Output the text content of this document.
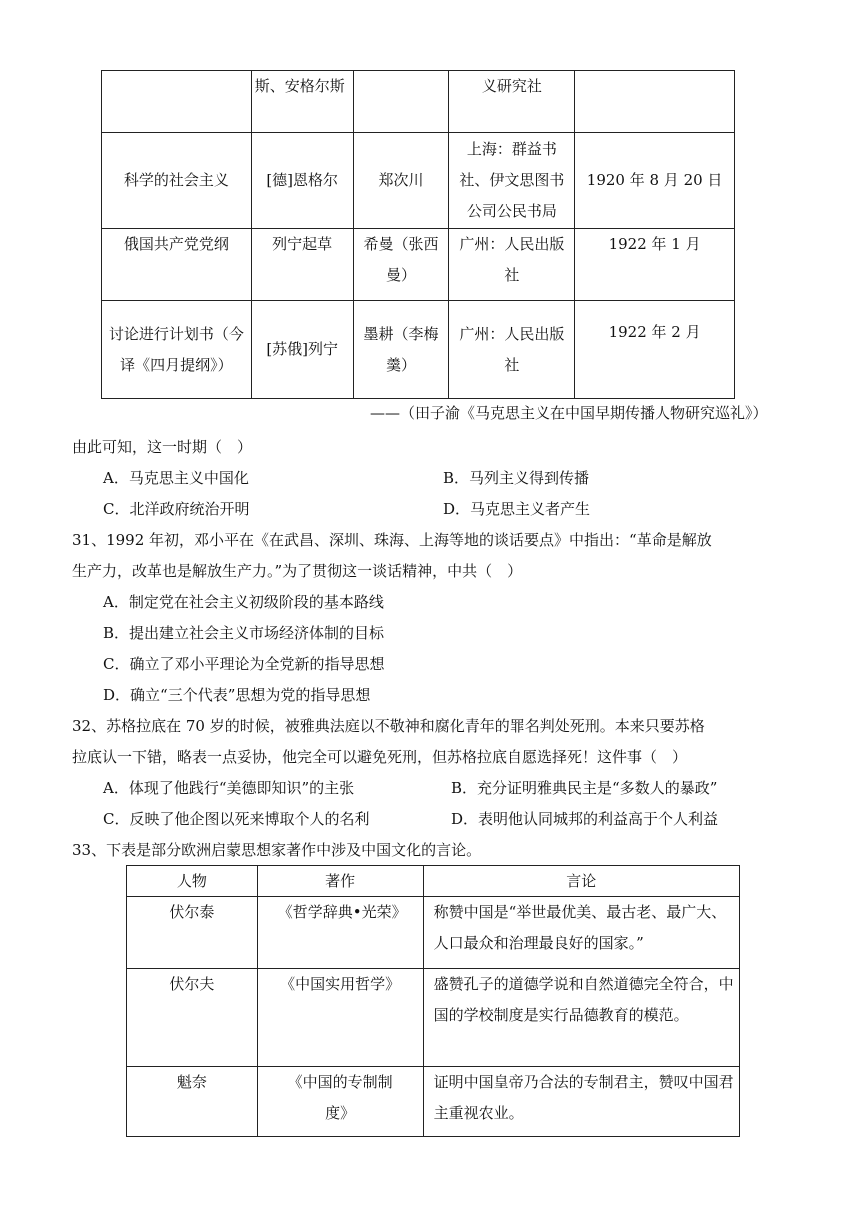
	斯、安格尔斯		义研究社	
科学的社会主义	[德]恩格尔	郑次川	上海：群益书社、伊文思图书公司公民书局	1920 年 8 月 20 日
俄国共产党党纲	列宁起草	希曼（张西曼）	广州：人民出版社	1922 年 1 月
讨论进行计划书（今译《四月提纲》）	[苏俄]列宁	墨耕（李梅羹）	广州：人民出版社	1922 年 2 月
——（田子渝《马克思主义在中国早期传播人物研究巡礼》）
由此可知，这一时期（　）
A．马克思主义中国化	B．马列主义得到传播
C．北洋政府统治开明	D．马克思主义者产生
31、1992 年初，邓小平在《在武昌、深圳、珠海、上海等地的谈话要点》中指出：“革命是解放
生产力，改革也是解放生产力。”为了贯彻这一谈话精神，中共（　）
A．制定党在社会主义初级阶段的基本路线
B．提出建立社会主义市场经济体制的目标
C．确立了邓小平理论为全党新的指导思想
D．确立“三个代表”思想为党的指导思想
32、苏格拉底在 70 岁的时候，被雅典法庭以不敬神和腐化青年的罪名判处死刑。本来只要苏格
拉底认一下错，略表一点妥协，他完全可以避免死刑，但苏格拉底自愿选择死！这件事（　）
A．体现了他践行“美德即知识”的主张	B．充分证明雅典民主是“多数人的暴政”
C．反映了他企图以死来博取个人的名利	D．表明他认同城邦的利益高于个人利益
33、下表是部分欧洲启蒙思想家著作中涉及中国文化的言论。
人物	著作	言论
伏尔泰	《哲学辞典•光荣》	称赞中国是“举世最优美、最古老、最广大、人口最众和治理最良好的国家。”
伏尔夫	《中国实用哲学》	盛赞孔子的道德学说和自然道德完全符合，中国的学校制度是实行品德教育的模范。
魁奈	《中国的专制制度》	证明中国皇帝乃合法的专制君主，赞叹中国君主重视农业。
